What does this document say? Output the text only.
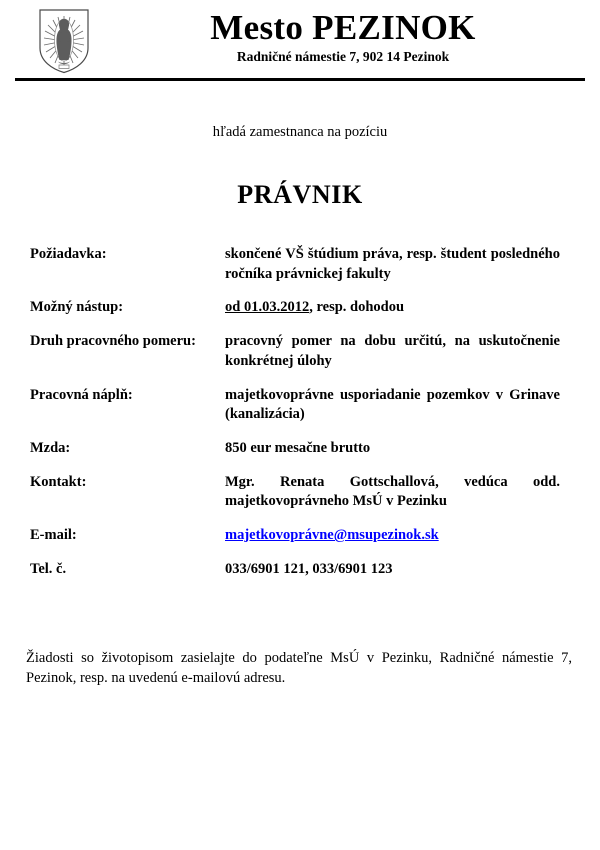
Mesto PEZINOK
Radničné námestie 7, 902 14 Pezinok
hľadá zamestnanca na pozíciu
PRÁVNIK
Požiadavka:	skončené VŠ štúdium práva, resp. študent posledného ročníka právnickej fakulty
Možný nástup:	od 01.03.2012, resp. dohodou
Druh pracovného pomeru:	pracovný pomer na dobu určitú, na uskutočnenie konkrétnej úlohy
Pracovná náplň:	majetkovoprávne usporiadanie pozemkov v Grinave (kanalizácia)
Mzda:	850 eur mesačne brutto
Kontakt:	Mgr. Renata Gottschallová, vedúca odd. majetkovoprávneho MsÚ v Pezinku
E-mail:	majetkovoprávne@msupezinok.sk
Tel. č.	033/6901 121, 033/6901 123
Žiadosti so životopisom zasielajte do podateľne MsÚ v Pezinku, Radničné námestie 7, Pezinok, resp. na uvedenú e-mailovú adresu.
